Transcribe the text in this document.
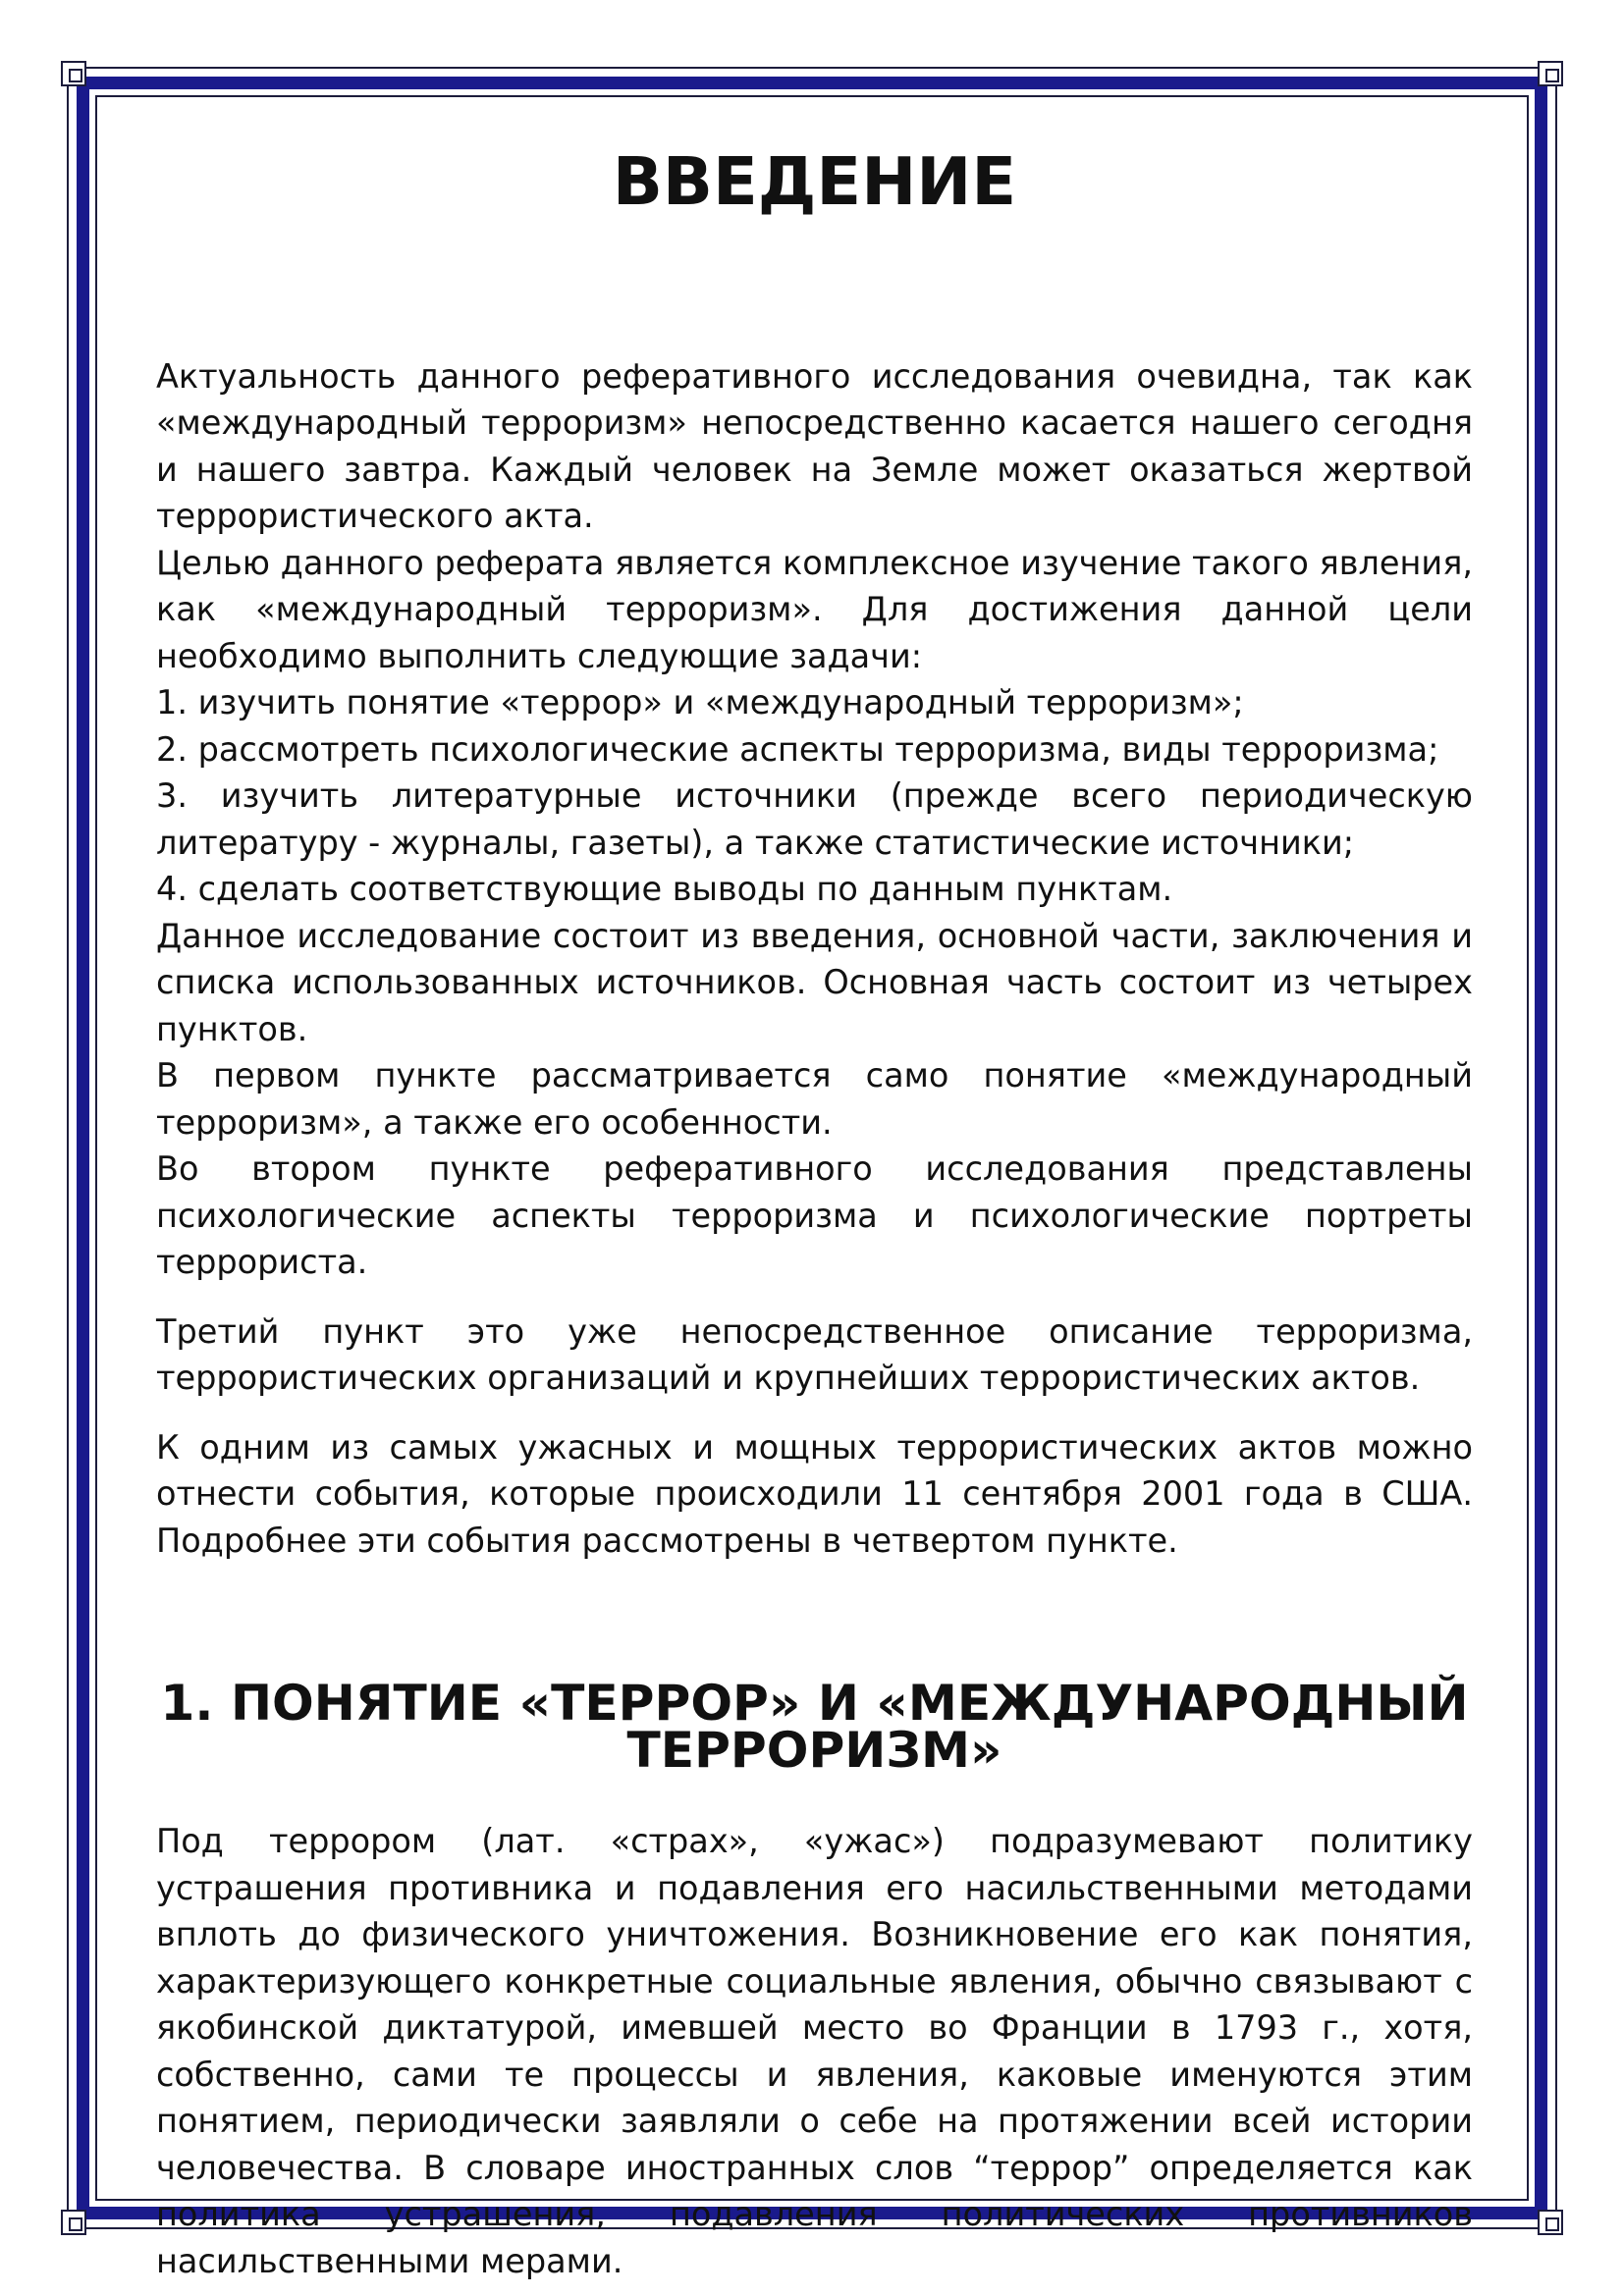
ВВЕДЕНИЕ

Актуальность данного реферативного исследования очевидна, так как «международный терроризм» непосредственно касается нашего сегодня и нашего завтра. Каждый человек на Земле может оказаться жертвой террористического акта.

Целью данного реферата является комплексное изучение такого явления, как «международный терроризм». Для достижения данной цели необходимо выполнить следующие задачи:

1. изучить понятие «террор» и «международный терроризм»;

2. рассмотреть психологические аспекты терроризма, виды терроризма;

3. изучить литературные источники (прежде всего периодическую литературу - журналы, газеты), а также статистические источники;

4. сделать соответствующие выводы по данным пунктам.

Данное исследование состоит из введения, основной части, заключения и списка использованных источников. Основная часть состоит из четырех пунктов.

В первом пункте рассматривается само понятие «международный терроризм», а также его особенности.

Во втором пункте реферативного исследования представлены психологические аспекты терроризма и психологические портреты террориста.

Третий пункт это уже непосредственное описание терроризма, террористических организаций и крупнейших террористических актов.

К одним из самых ужасных и мощных террористических актов можно отнести события, которые происходили 11 сентября 2001 года в США. Подробнее эти события рассмотрены в четвертом пункте.

1. ПОНЯТИЕ «ТЕРРОР» И «МЕЖДУНАРОДНЫЙ ТЕРРОРИЗМ»

Под террором (лат. «страх», «ужас») подразумевают политику устрашения противника и подавления его насильственными методами вплоть до физического уничтожения. Возникновение его как понятия, характеризующего конкретные социальные явления, обычно связывают с якобинской диктатурой, имевшей место во Франции в 1793 г., хотя, собственно, сами те процессы и явления, каковые именуются этим понятием, периодически заявляли о себе на протяжении всей истории человечества. В словаре иностранных слов “террор” определяется как политика устрашения, подавления политических противников насильственными мерами.
